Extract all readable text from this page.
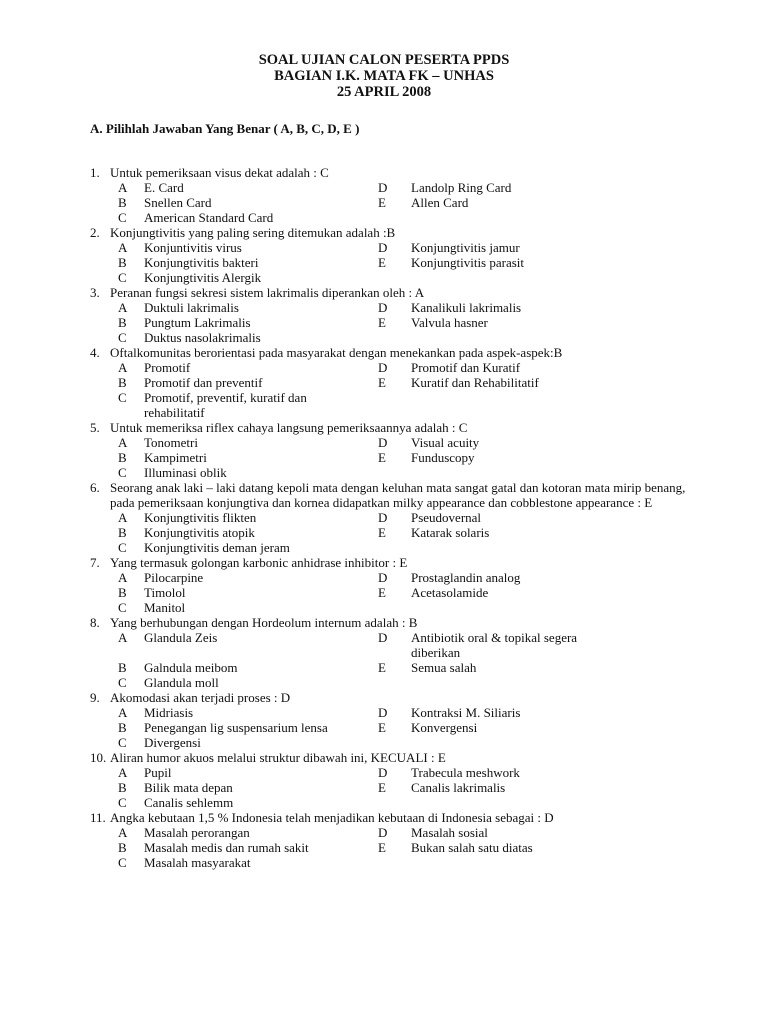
SOAL UJIAN CALON PESERTA PPDS
BAGIAN I.K. MATA FK – UNHAS
25 APRIL 2008
A. Pilihlah Jawaban Yang Benar ( A, B, C, D, E )
1. Untuk pemeriksaan visus dekat adalah : C
A	E. Card	D	Landolp Ring Card
B	Snellen Card	E	Allen Card
C	American Standard Card
2. Konjungtivitis yang paling sering ditemukan adalah :B
A	Konjuntivitis virus	D	Konjungtivitis jamur
B	Konjungtivitis bakteri	E	Konjungtivitis parasit
C	Konjungtivitis Alergik
3. Peranan fungsi sekresi sistem lakrimalis diperankan oleh : A
A	Duktuli lakrimalis	D	Kanalikuli lakrimalis
B	Pungtum Lakrimalis	E	Valvula hasner
C	Duktus nasolakrimalis
4. Oftalkomunitas berorientasi pada masyarakat dengan menekankan pada aspek-aspek:B
A	Promotif	D	Promotif dan Kuratif
B	Promotif dan preventif	E	Kuratif dan Rehabilitatif
C	Promotif, preventif, kuratif dan rehabilitatif
5. Untuk memeriksa riflex cahaya langsung pemeriksaannya adalah : C
A	Tonometri	D	Visual acuity
B	Kampimetri	E	Funduscopy
C	Illuminasi oblik
6. Seorang anak laki – laki datang kepoli mata dengan keluhan mata sangat gatal dan kotoran mata mirip benang, pada pemeriksaan konjungtiva dan kornea didapatkan milky appearance dan cobblestone appearance : E
A	Konjungtivitis flikten	D	Pseudovernal
B	Konjungtivitis atopik	E	Katarak solaris
C	Konjungtivitis deman jeram
7. Yang termasuk golongan karbonic anhidrase inhibitor : E
A	Pilocarpine	D	Prostaglandin analog
B	Timolol	E	Acetasolamide
C	Manitol
8. Yang berhubungan dengan Hordeolum internum adalah : B
A	Glandula Zeis	D	Antibiotik oral & topikal segera diberikan
B	Galndula meibom	E	Semua salah
C	Glandula moll
9. Akomodasi akan terjadi proses : D
A	Midriasis	D	Kontraksi M. Siliaris
B	Penegangan lig suspensarium lensa	E	Konvergensi
C	Divergensi
10. Aliran humor akuos melalui struktur dibawah ini, KECUALI : E
A	Pupil	D	Trabecula meshwork
B	Bilik mata depan	E	Canalis lakrimalis
C	Canalis sehlemm
11. Angka kebutaan 1,5 % Indonesia telah menjadikan kebutaan di Indonesia sebagai : D
A	Masalah perorangan	D	Masalah sosial
B	Masalah medis dan rumah sakit	E	Bukan salah satu diatas
C	Masalah masyarakat
